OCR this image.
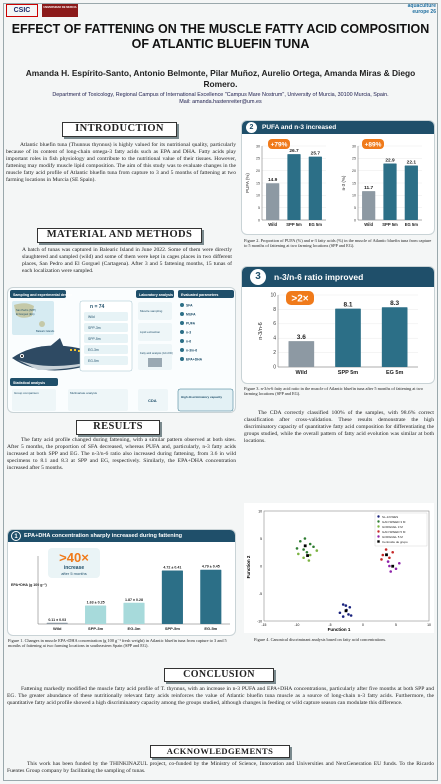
CSIC	UNIVERSIDAD DE MURCIA	aquaculture europe 26
EFFECT OF FATTENING ON THE MUSCLE FATTY ACID COMPOSITION OF ATLANTIC BLUEFIN TUNA
Amanda H. Espírito-Santo, Antonio Belmonte, Pilar Muñoz, Aurelio Ortega, Amanda Miras & Diego Romero.
Department of Toxicology, Regional Campus of International Excellence "Campus Mare Nostrum", University of Murcia, 30100 Murcia, Spain.
Mail: amanda.hastenreiter@um.es
INTRODUCTION
Atlantic bluefin tuna (Thunnus thynnus) is highly valued for its nutritional quality, particularly because of its content of long-chain omega-3 fatty acids such as EPA and DHA. Fatty acids play important roles in fish physiology and contribute to the nutritional value of their tissues. However, fattening may modify muscle lipid composition. The aim of this study was to evaluate changes in the muscle fatty acid profile of Atlantic bluefin tuna from capture to 3 and 5 months of fattening at two farming locations in Murcia (SE Spain).
MATERIAL AND METHODS
A batch of tunas was captured in Balearic Island in June 2022. Some of them were directly slaughtered and sampled (wild) and some of them were kept in cages places in two different places, San Pedro and El Gorguel (Cartagena). After 3 and 5 fattening months, 15 tunas of each localization were sampled.
Sampling and experimental design	Laboratory analysis Evaluated parameters
Balearic Islands
San Pedro (SPP)
El Gorguel (EG)
n = 74
Wild
SPP-3m
SPP-5m
EG-3m
EG-5m
Muscle sampling
Lipid extraction
Fatty acid analysis (GC-FID)
SFA
MUFA
PUFA
n-3
n-6
n-3/n-6
EPA+DHA
Statistical analysis
Group comparison	Multivariate analysis
CDA
High discriminatory capacity
RESULTS
The fatty acid profile changed during fattening, with a similar pattern observed at both sites. After 5 months, the proportion of SFA decreased, whereas PUFA and, particularly, n-3 fatty acids increased at both SPP and EG. The n-3/n-6 ratio also increased during fattening, from 3.6 in wild specimens to 8.1 and 8.3 at SPP and EG, respectively. Similarly, the EPA+DHA concentration increased after 5 months.
EPA+DHA concentration sharply increased during fattening
1
>40×
increase
after 5 months
EPA+DHA (g 100 g⁻¹)
0.11 ± 0.03
Wild
1.63 ± 0.25
SPP-3m
1.87 ± 0.28
EG-3m
4.72 ± 0.41
SPP-5m
4.79 ± 0.45
EG-5m
Figure 1. Changes in muscle EPA+DHA concentration (g 100 g⁻¹ fresh weight) in Atlantic bluefin tuna from capture to 3 and 5 months of fattening at two farming locations in southeastern Spain (SPP and EG).
PUFA and n-3 increased
2
0
5
10
15
20
25
30
PUFA (%)	14.9
Wild
26.7
SPP 5m
25.7
EG 5m
0
5
10
15
20
25
30
n-3 (%)	11.7
Wild
22.9
SPP 5m
22.1
EG 5m
+79%	+89%
Figure 2. Proportion of PUFA (%) and n-3 fatty acids (%) in the muscle of Atlantic bluefin tuna from capture to 5 months of fattening at two farming locations (SPP and EG).
n-3/n-6 ratio improved
3
0
2
4
6
8
10
n-3/n-6	3.6
Wild
8.1
SPP 5m
8.3
EG 5m
>2×
Figure 3. n-3/n-6 fatty acid ratio in the muscle of Atlantic bluefin tuna after 5 months of fattening at two farming locations (SPP and EG).
The CDA correctly classified 100% of the samples, with 98.6% correct classification after cross-validation. These results demonstrate the high discriminatory capacity of quantitative fatty acid composition for differentiating the groups studied, while the overall pattern of fatty acid evolution was similar at both locations.
-10
-5
0
5
10
-15	-10	-5	0	5	10
SL-1/CWES
GAN SPEED 3 M
GORGUEL 3 M
GAN SPEED 5 M
GORGUEL 5 M
Centroide de grupo
Function 1
Function 2
Figure 4. Canonical discriminant analysis based on fatty acid concentrations.
CONCLUSION
Fattening markedly modified the muscle fatty acid profile of T. thynnus, with an increase in n-3 PUFA and EPA+DHA concentrations, particularly after five months at both SPP and EG. The greater abundance of these nutritionally relevant fatty acids reinforces the value of Atlantic bluefin tuna muscle as a source of long-chain n-3 fatty acids. Furthermore, the quantitative fatty acid profile showed a high discriminatory capacity among the groups studied, although changes in feeding or wild capture season can modulate this difference.
ACKNOWLEDGEMENTS
This work has been funded by the THINKINAZUL project, co-funded by the Ministry of Science, Innovation and Universities and NextGeneration EU funds. To the Ricardo Fuentes Group company by facilitating the sampling of tunas.
